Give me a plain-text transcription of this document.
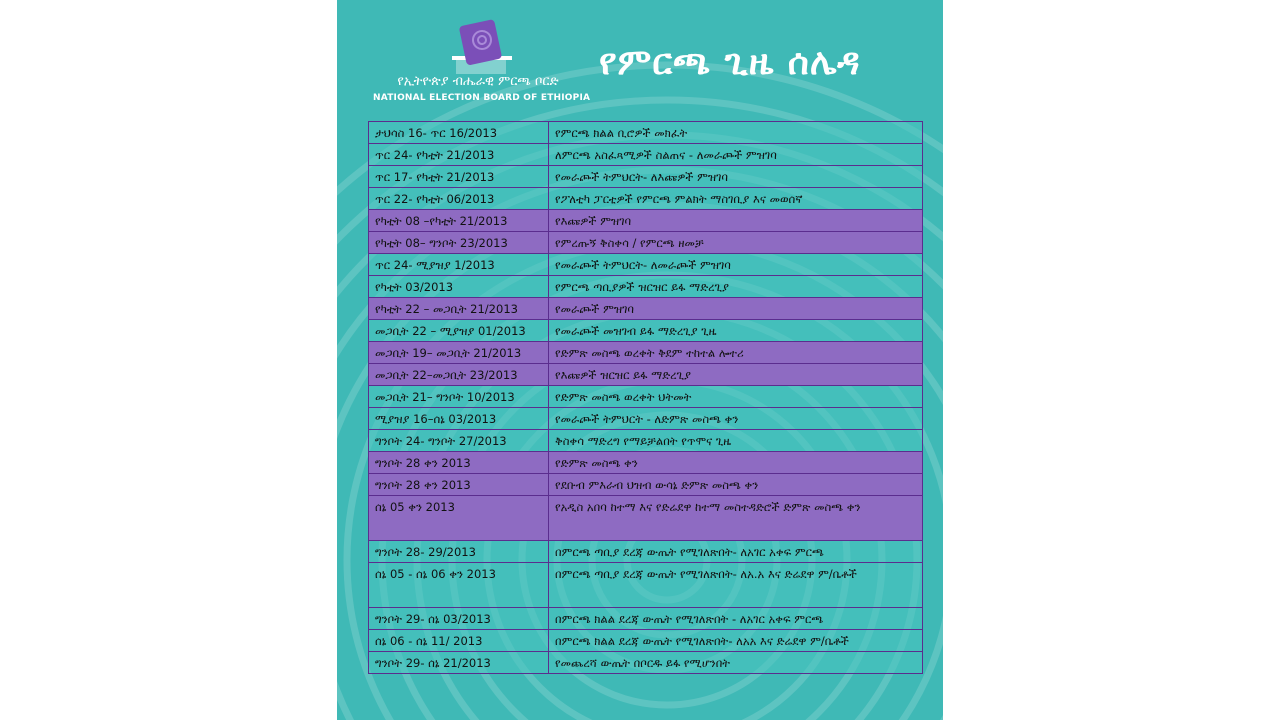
የኢትዮጵያ ብሔራዊ ምርጫ ቦርድ
NATIONAL ELECTION BOARD OF ETHIOPIA
የምርጫ ጊዜ ሰሌዳ
ታህሳስ 16- ጥር 16/2013	የምርጫ ክልል ቢሮዎች መክፈት
ጥር 24- የካቲት 21/2013	ለምርጫ አስፈጻሚዎች ስልጠና - ለመራጮች ምዝገባ
ጥር 17- የካቲት 21/2013	የመራጮች ትምህርት- ለእጩዎች ምዝገባ
ጥር 22- የካቲት 06/2013	የፖለቲካ ፓርቲዎች የምርጫ ምልክት ማስገቢያ እና መወሰኛ
የካቲት 08 –የካቲት 21/2013	የእጩዎች ምዝገባ
የካቲት 08– ግንቦት 23/2013	የምረጡኝ ቅስቀሳ / የምርጫ ዘመቻ
ጥር 24- ሚያዝያ 1/2013	የመራጮች ትምህርት- ለመራጮች ምዝገባ
የካቲት 03/2013	የምርጫ ጣቢያዎች ዝርዝር ይፋ ማድረጊያ
የካቲት 22 – መጋቢት 21/2013	የመራጮች ምዝገባ
መጋቢት 22 – ሚያዝያ 01/2013	የመራጮች መዝገብ ይፋ ማድረጊያ ጊዜ
መጋቢት 19– መጋቢት 21/2013	የድምጽ መስጫ ወረቀት ቅደም ተከተል ሎተሪ
መጋቢት 22–መጋቢት 23/2013	የእጩዎች ዝርዝር ይፋ ማድረጊያ
መጋቢት 21– ግንቦት 10/2013	የድምጽ መስጫ ወረቀት ህትመት
ሚያዝያ 16–ሰኔ 03/2013	የመራጮች ትምህርት - ለድምጽ መስጫ ቀን
ግንቦት 24- ግንቦት 27/2013	ቅስቀሳ ማድረግ የማይቻልበት የጥሞና ጊዜ
ግንቦት 28 ቀን 2013	የድምጽ መስጫ ቀን
ግንቦት 28 ቀን 2013	የደቡብ ምእራብ ህዝብ ውሳኔ ድምጽ መስጫ ቀን
ሰኔ 05 ቀን 2013	የአዲስ አበባ ከተማ እና የድሬደዋ ከተማ መስተዳድሮች ድምጽ መስጫ ቀን
ግንቦት 28- 29/2013	በምርጫ ጣቢያ ደረጃ ውጤት የሚገለጽበት- ለአገር አቀፍ ምርጫ
ሰኔ 05 - ሰኔ 06 ቀን 2013	በምርጫ ጣቢያ ደረጃ ውጤት የሚገለጽበት- ለአ.አ እና ድሬደዋ ም/ቤቶች
ግንቦት 29- ሰኔ 03/2013	በምርጫ ክልል ደረጃ ውጤት የሚገለጽበት - ለአገር አቀፍ ምርጫ
ሰኔ 06 - ሰኔ 11/ 2013	በምርጫ ክልል ደረጃ ውጤት የሚገለጽበት- ለአአ እና ድሬደዋ ም/ቤቶች
ግንቦት 29- ሰኔ 21/2013	የመጨረሻ ውጤት በቦርዱ ይፋ የሚሆንበት
